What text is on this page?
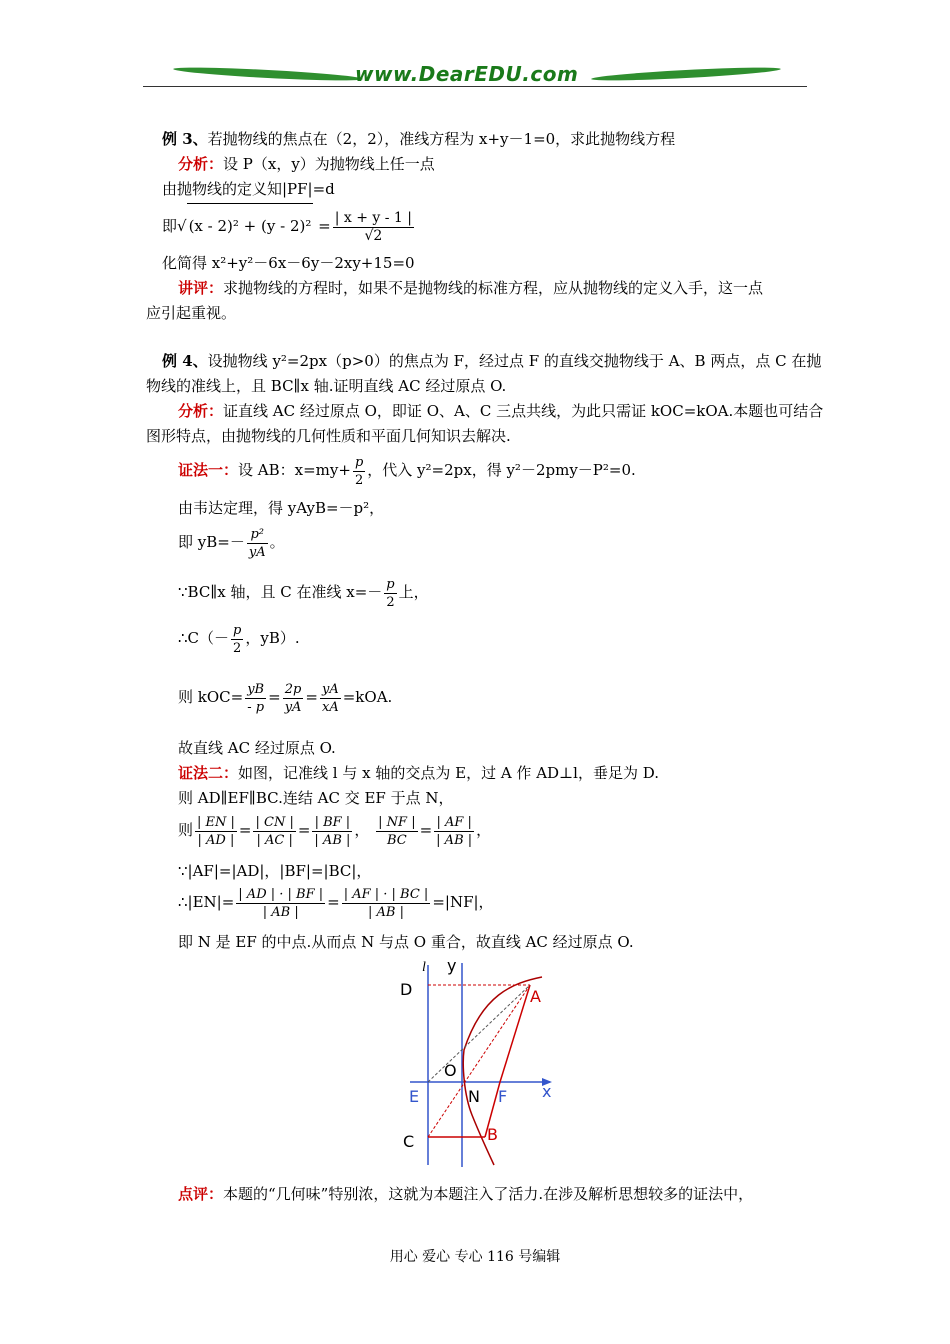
www.DearEDU.com
例 3、若抛物线的焦点在（2，2），准线方程为 x+y－1=0，求此抛物线方程
分析：设 P（x，y）为抛物线上任一点
由抛物线的定义知|PF|=d
即√ $(x - 2)^2 + (y - 2)^2 = \frac{| x + y - 1 |}{√2}$
化简得 x²+y²－6x－6y－2xy+15=0
讲评：求抛物线的方程时，如果不是抛物线的标准方程，应从抛物线的定义入手，这一点
应引起重视。
例 4、设抛物线 y²=2px（p>0）的焦点为 F，经过点 F 的直线交抛物线于 A、B 两点，点 C 在抛
物线的准线上，且 BC∥x 轴.证明直线 AC 经过原点 O.
分析：证直线 AC 经过原点 O，即证 O、A、C 三点共线，为此只需证 kOC=kOA.本题也可结合
图形特点，由抛物线的几何性质和平面几何知识去解决.
证法一：设 AB：$x=my+ \frac{p}{2}$ ，代入 y²=2px，得 y²－2pmy－P²=0.
由韦达定理，得 yAyB=－p²，
即 $yB=- \frac{\text{p²}}{yA}$ 。
∵BC∥x 轴，且 C 在准线 $x=- \frac{p}{2}$ 上，
∴C（－ $\frac{p}{2}$ ，yB）.
则 $kOC= \frac{yB}{- p} = \frac{2p}{yA} = \frac{yA}{xA} =kOA$.
故直线 AC 经过原点 O.
证法二：如图，记准线 l 与 x 轴的交点为 E，过 A 作 AD⊥l，垂足为 D.
则 AD∥EF∥BC.连结 AC 交 EF 于点 N，
则 $\frac{| EN |}{| AD |} = \frac{| CN |}{| AC |} = \frac{| BF |}{| AB |}$ ， $\frac{| NF |}{BC} = \frac{| AF |}{| AB |}$ ，
∵|AF|=|AD|，|BF|=|BC|，
∴|EN|= $\frac{| AD | \cdot | BF |}{| AB |} = \frac{| AF | \cdot | BC |}{| AB |} =|NF|$，
即 N 是 EF 的中点.从而点 N 与点 O 重合，故直线 AC 经过原点 O.
l y
D	A
O
E	N F x
C	B
点评：本题的“几何味”特别浓，这就为本题注入了活力.在涉及解析思想较多的证法中，
用心 爱心 专心 116 号编辑
